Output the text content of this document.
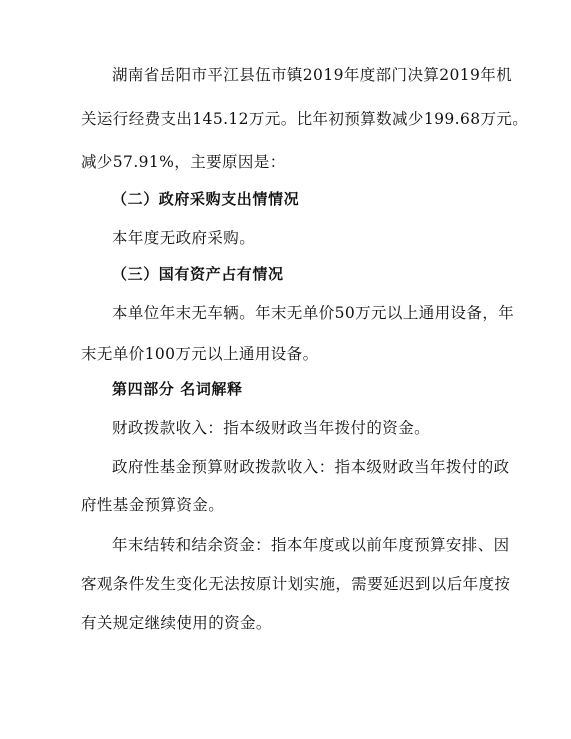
湖南省岳阳市平江县伍市镇2019年度部门决算2019年机
关运行经费支出145.12万元。比年初预算数减少199.68万元。
减少57.91%，主要原因是：
（二）政府采购支出情情况
本年度无政府采购。
（三）国有资产占有情况
本单位年末无车辆。年末无单价50万元以上通用设备，年
末无单价100万元以上通用设备。
第四部分 名词解释
财政拨款收入：指本级财政当年拨付的资金。
政府性基金预算财政拨款收入：指本级财政当年拨付的政
府性基金预算资金。
年末结转和结余资金：指本年度或以前年度预算安排、因
客观条件发生变化无法按原计划实施，需要延迟到以后年度按
有关规定继续使用的资金。
